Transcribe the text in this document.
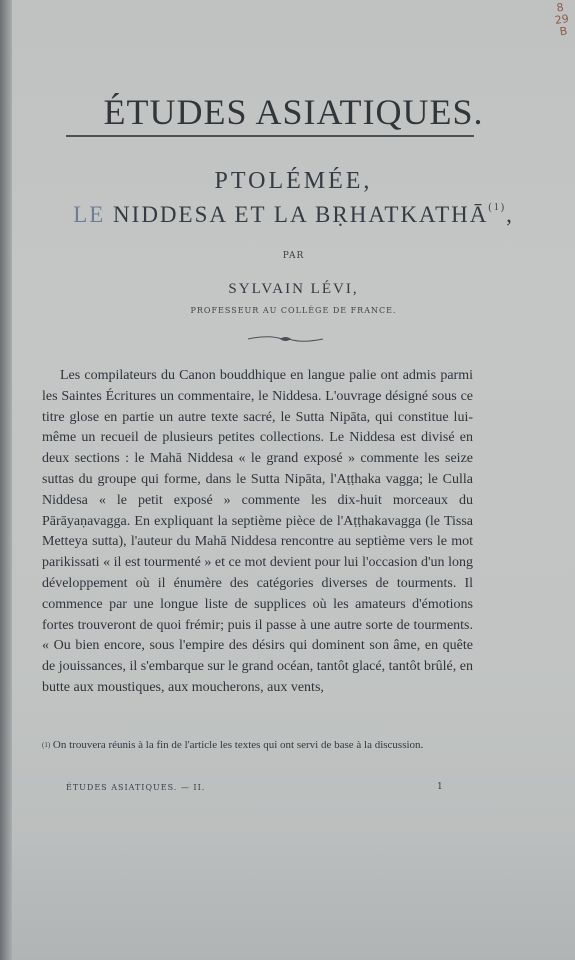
8 29 B
ÉTUDES ASIATIQUES.
PTOLÉMÉE,
LE NIDDESA ET LA BṚHATKATHĀ$^{(1)}$,
PAR
SYLVAIN LÉVI,
PROFESSEUR AU COLLÈGE DE FRANCE.

Les compilateurs du Canon bouddhique en langue palie ont admis parmi les Saintes Écritures un commentaire, le Niddesa. L'ouvrage désigné sous ce titre glose en partie un autre texte sacré, le Sutta Nipāta, qui constitue lui-même un recueil de plusieurs petites collections. Le Niddesa est divisé en deux sections : le Mahā Niddesa « le grand exposé » commente les seize suttas du groupe qui forme, dans le Sutta Nipāta, l'Aṭṭhaka vagga; le Culla Niddesa « le petit exposé » commente les dix-huit morceaux du Pārāyaṇavagga. En expliquant la septième pièce de l'Aṭṭhakavagga (le Tissa Metteya sutta), l'auteur du Mahā Niddesa rencontre au septième vers le mot parikissati « il est tourmenté » et ce mot devient pour lui l'occasion d'un long développement où il énumère des catégories diverses de tourments. Il commence par une longue liste de supplices où les amateurs d'émotions fortes trouveront de quoi frémir; puis il passe à une autre sorte de tourments. « Ou bien encore, sous l'empire des désirs qui dominent son âme, en quête de jouissances, il s'embarque sur le grand océan, tantôt glacé, tantôt brûlé, en butte aux moustiques, aux moucherons, aux vents,

$^{(1)}$ On trouvera réunis à la fin de l'article les textes qui ont servi de base à la discussion.
ÉTUDES ASIATIQUES. — II.	1
